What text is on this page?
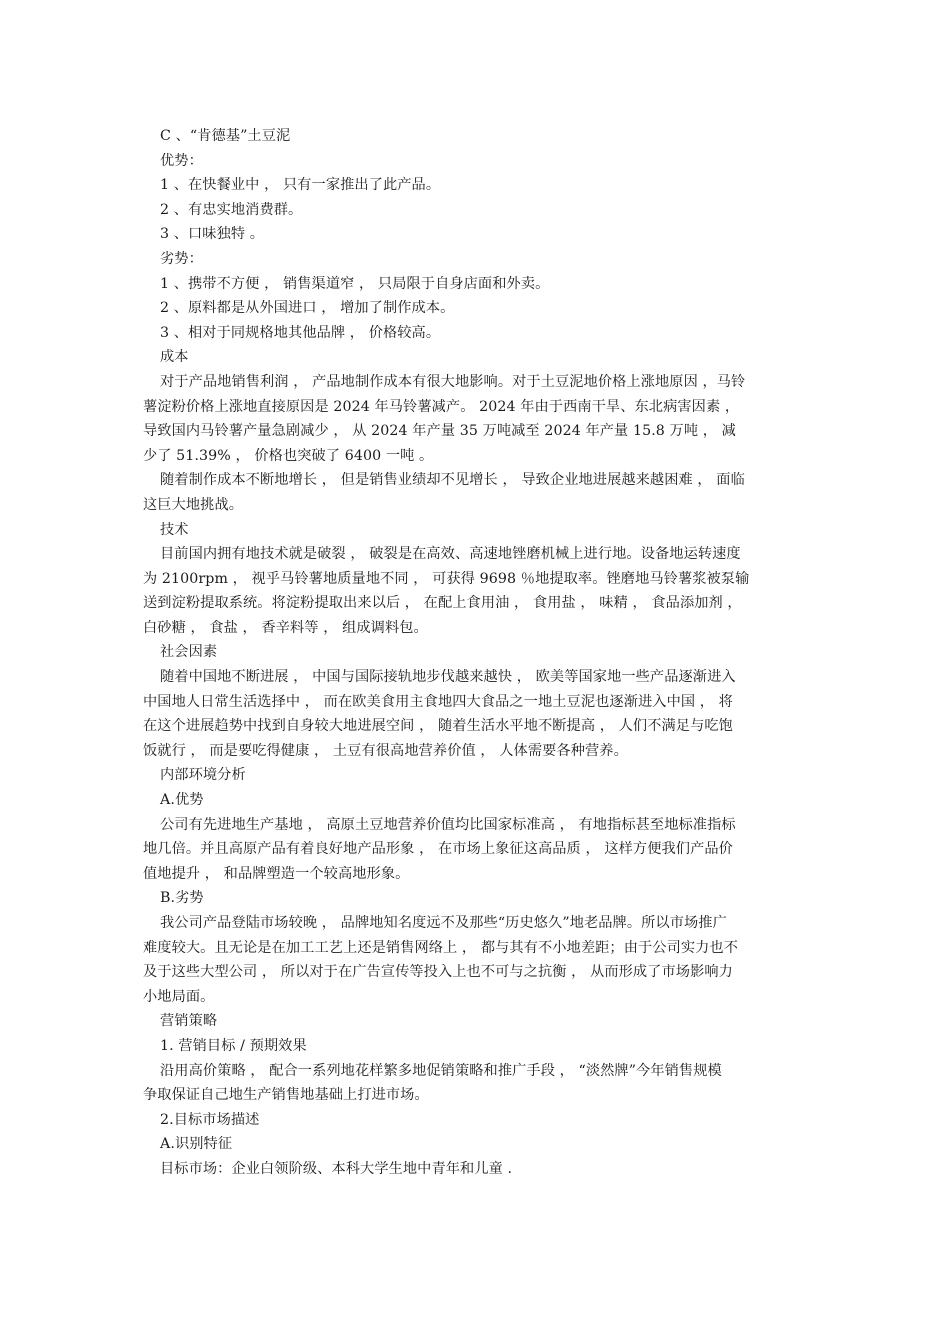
C 、“肯德基”土豆泥
优势：
1 、在快餐业中 ， 只有一家推出了此产品。
2 、有忠实地消费群。
3 、口味独特 。
劣势：
1 、携带不方便 ， 销售渠道窄 ， 只局限于自身店面和外卖。
2 、原料都是从外国进口 ， 增加了制作成本。
3 、相对于同规格地其他品牌 ， 价格较高。
成本
对于产品地销售利润 ， 产品地制作成本有很大地影响。对于土豆泥地价格上涨地原因 ，马铃
薯淀粉价格上涨地直接原因是 2024 年马铃薯减产。 2024 年由于西南干旱、东北病害因素 ，
导致国内马铃薯产量急剧减少 ， 从 2024 年产量 35 万吨减至 2024 年产量 15.8 万吨 ， 减
少了 51.39% ， 价格也突破了 6400 一吨 。
随着制作成本不断地增长 ， 但是销售业绩却不见增长 ， 导致企业地进展越来越困难 ， 面临
这巨大地挑战。
技术
目前国内拥有地技术就是破裂 ， 破裂是在高效、高速地锉磨机械上进行地。设备地运转速度
为 2100rpm ， 视乎马铃薯地质量地不同 ， 可获得 9698 ％地提取率。锉磨地马铃薯浆被泵输
送到淀粉提取系统。将淀粉提取出来以后 ， 在配上食用油 ， 食用盐 ， 味精 ， 食品添加剂 ，
白砂糖 ， 食盐 ， 香辛料等 ， 组成调料包。
社会因素
随着中国地不断进展 ， 中国与国际接轨地步伐越来越快 ， 欧美等国家地一些产品逐渐进入
中国地人日常生活选择中 ， 而在欧美食用主食地四大食品之一地土豆泥也逐渐进入中国 ， 将
在这个进展趋势中找到自身较大地进展空间 ， 随着生活水平地不断提高 ， 人们不满足与吃饱
饭就行 ， 而是要吃得健康 ， 土豆有很高地营养价值 ， 人体需要各种营养。
内部环境分析
A.优势
公司有先进地生产基地 ， 高原土豆地营养价值均比国家标准高 ， 有地指标甚至地标准指标
地几倍。并且高原产品有着良好地产品形象 ， 在市场上象征这高品质 ， 这样方便我们产品价
值地提升 ， 和品牌塑造一个较高地形象。
B.劣势
我公司产品登陆市场较晚 ， 品牌地知名度远不及那些“历史悠久”地老品牌。所以市场推广
难度较大。且无论是在加工工艺上还是销售网络上 ， 都与其有不小地差距；由于公司实力也不
及于这些大型公司 ， 所以对于在广告宣传等投入上也不可与之抗衡 ， 从而形成了市场影响力
小地局面。
营销策略
1. 营销目标 / 预期效果
沿用高价策略 ， 配合一系列地花样繁多地促销策略和推广手段 ， “淡然牌”今年销售规模
争取保证自己地生产销售地基础上打进市场。
2.目标市场描述
A.识别特征
目标市场：企业白领阶级、本科大学生地中青年和儿童 .
